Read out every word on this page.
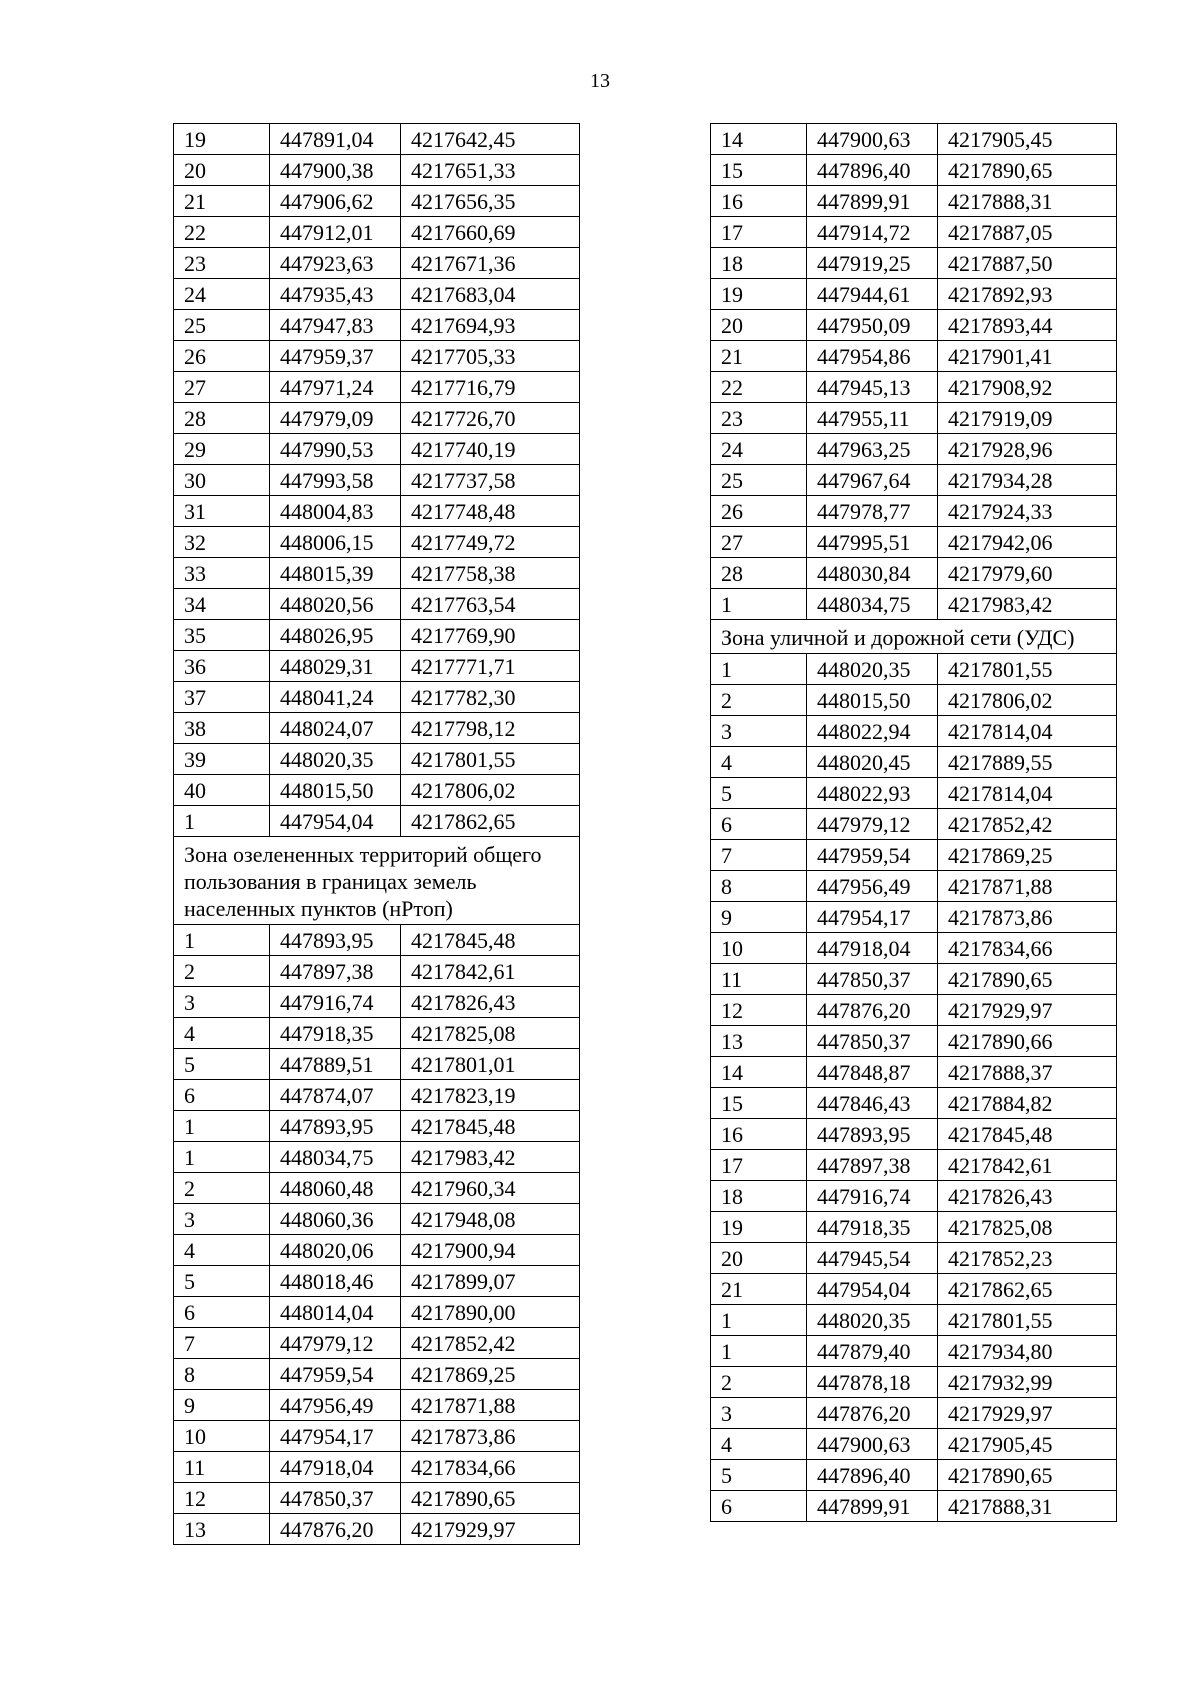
13
19	447891,04	4217642,45
20	447900,38	4217651,33
21	447906,62	4217656,35
22	447912,01	4217660,69
23	447923,63	4217671,36
24	447935,43	4217683,04
25	447947,83	4217694,93
26	447959,37	4217705,33
27	447971,24	4217716,79
28	447979,09	4217726,70
29	447990,53	4217740,19
30	447993,58	4217737,58
31	448004,83	4217748,48
32	448006,15	4217749,72
33	448015,39	4217758,38
34	448020,56	4217763,54
35	448026,95	4217769,90
36	448029,31	4217771,71
37	448041,24	4217782,30
38	448024,07	4217798,12
39	448020,35	4217801,55
40	448015,50	4217806,02
1	447954,04	4217862,65
Зона озелененных территорий общего пользования в границах земель населенных пунктов (нРтоп)		
1	447893,95	4217845,48
2	447897,38	4217842,61
3	447916,74	4217826,43
4	447918,35	4217825,08
5	447889,51	4217801,01
6	447874,07	4217823,19
1	447893,95	4217845,48
1	448034,75	4217983,42
2	448060,48	4217960,34
3	448060,36	4217948,08
4	448020,06	4217900,94
5	448018,46	4217899,07
6	448014,04	4217890,00
7	447979,12	4217852,42
8	447959,54	4217869,25
9	447956,49	4217871,88
10	447954,17	4217873,86
11	447918,04	4217834,66
12	447850,37	4217890,65
13	447876,20	4217929,97
14	447900,63	4217905,45
15	447896,40	4217890,65
16	447899,91	4217888,31
17	447914,72	4217887,05
18	447919,25	4217887,50
19	447944,61	4217892,93
20	447950,09	4217893,44
21	447954,86	4217901,41
22	447945,13	4217908,92
23	447955,11	4217919,09
24	447963,25	4217928,96
25	447967,64	4217934,28
26	447978,77	4217924,33
27	447995,51	4217942,06
28	448030,84	4217979,60
1	448034,75	4217983,42
Зона уличной и дорожной сети (УДС)		
1	448020,35	4217801,55
2	448015,50	4217806,02
3	448022,94	4217814,04
4	448020,45	4217889,55
5	448022,93	4217814,04
6	447979,12	4217852,42
7	447959,54	4217869,25
8	447956,49	4217871,88
9	447954,17	4217873,86
10	447918,04	4217834,66
11	447850,37	4217890,65
12	447876,20	4217929,97
13	447850,37	4217890,66
14	447848,87	4217888,37
15	447846,43	4217884,82
16	447893,95	4217845,48
17	447897,38	4217842,61
18	447916,74	4217826,43
19	447918,35	4217825,08
20	447945,54	4217852,23
21	447954,04	4217862,65
1	448020,35	4217801,55
1	447879,40	4217934,80
2	447878,18	4217932,99
3	447876,20	4217929,97
4	447900,63	4217905,45
5	447896,40	4217890,65
6	447899,91	4217888,31
